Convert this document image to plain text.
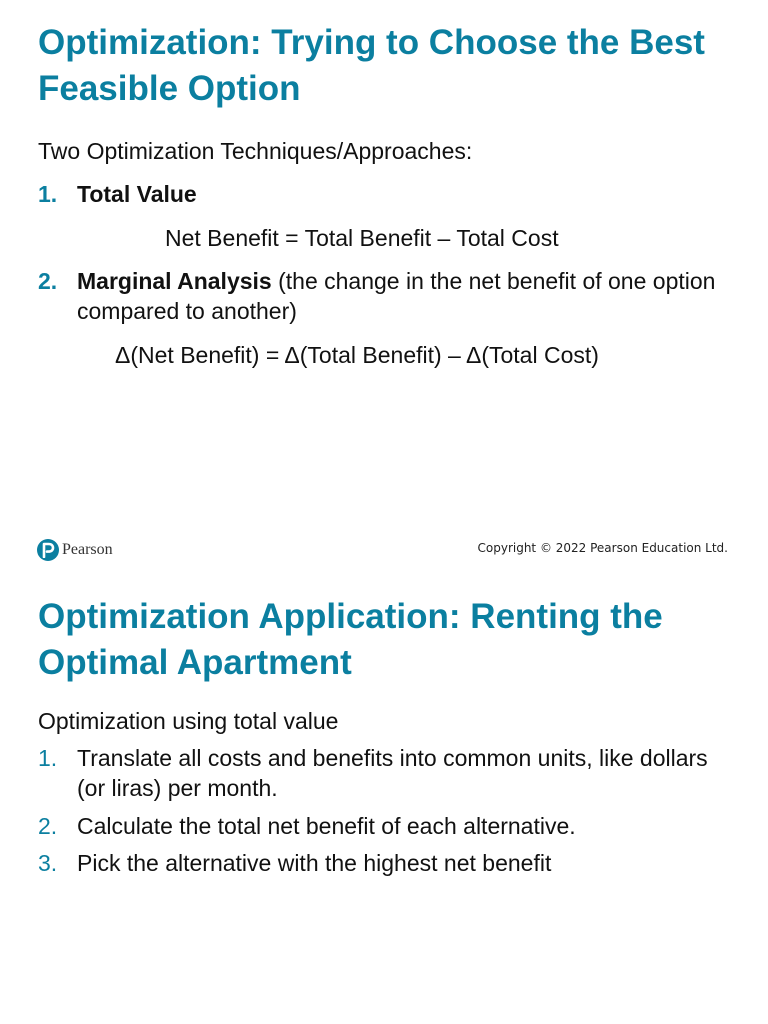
Optimization: Trying to Choose the Best Feasible Option
Two Optimization Techniques/Approaches:
1. Total Value
Net Benefit = Total Benefit – Total Cost
2. Marginal Analysis (the change in the net benefit of one option compared to another)
Δ(Net Benefit) = Δ(Total Benefit) – Δ(Total Cost)
Pearson	Copyright © 2022 Pearson Education Ltd.
Optimization Application: Renting the Optimal Apartment
Optimization using total value
1. Translate all costs and benefits into common units, like dollars (or liras) per month.
2. Calculate the total net benefit of each alternative.
3. Pick the alternative with the highest net benefit
